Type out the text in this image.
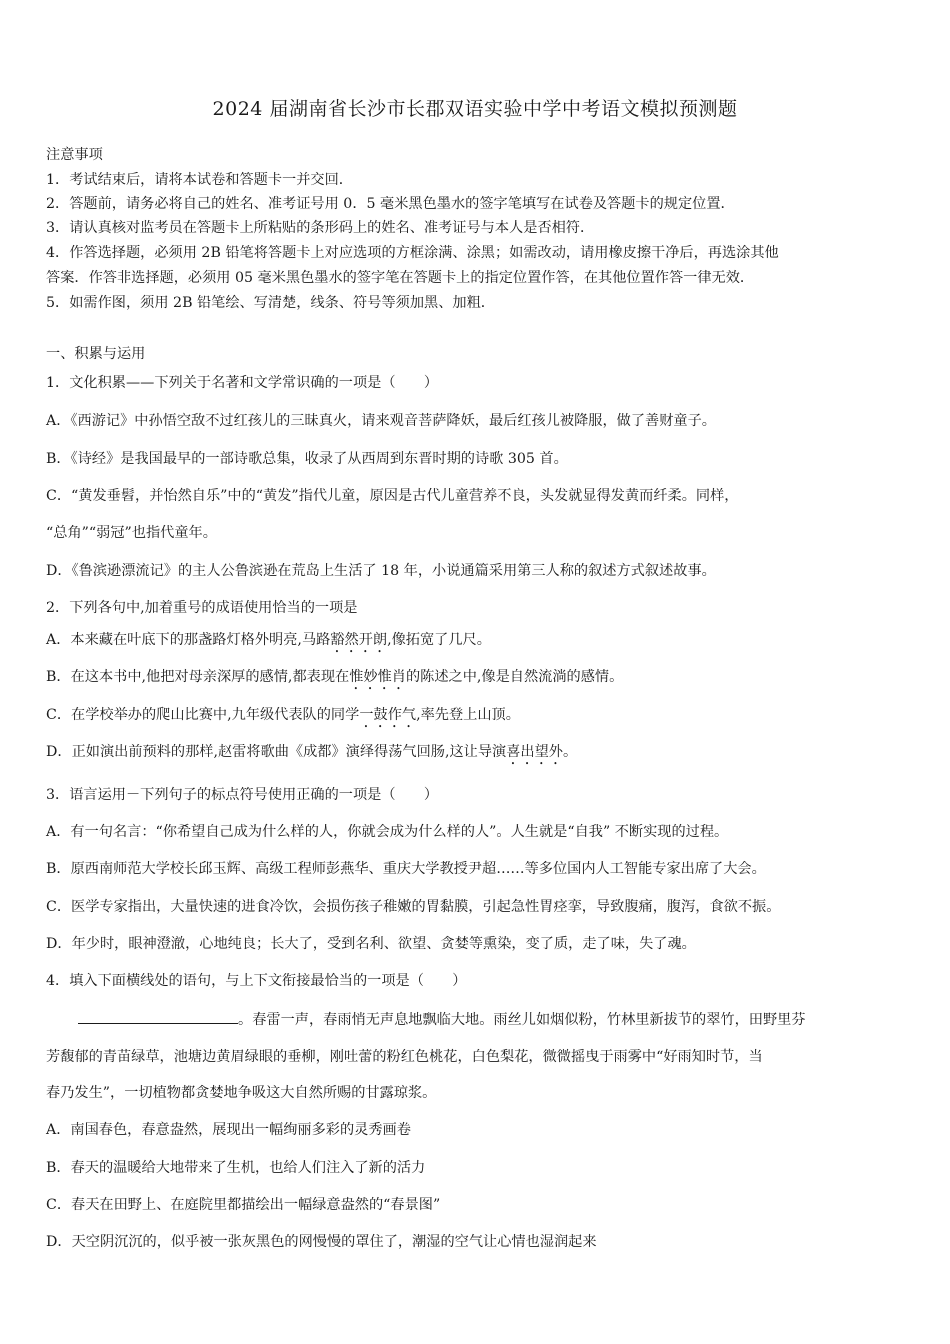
2024 届湖南省长沙市长郡双语实验中学中考语文模拟预测题
注意事项
1．考试结束后，请将本试卷和答题卡一并交回．
2．答题前，请务必将自己的姓名、准考证号用 0．5 毫米黑色墨水的签字笔填写在试卷及答题卡的规定位置．
3．请认真核对监考员在答题卡上所粘贴的条形码上的姓名、准考证号与本人是否相符．
4．作答选择题，必须用 2B 铅笔将答题卡上对应选项的方框涂满、涂黑；如需改动，请用橡皮擦干净后，再选涂其他
答案．作答非选择题，必须用 05 毫米黑色墨水的签字笔在答题卡上的指定位置作答，在其他位置作答一律无效．
5．如需作图，须用 2B 铅笔绘、写清楚，线条、符号等须加黑、加粗．
一、积累与运用
1．文化积累——下列关于名著和文学常识确的一项是（　　）
A．《西游记》中孙悟空敌不过红孩儿的三昧真火，请来观音菩萨降妖，最后红孩儿被降服，做了善财童子。
B．《诗经》是我国最早的一部诗歌总集，收录了从西周到东晋时期的诗歌 305 首。
C．“黄发垂髫，并怡然自乐”中的“黄发”指代儿童，原因是古代儿童营养不良，头发就显得发黄而纤柔。同样，
“总角”“弱冠”也指代童年。
D．《鲁滨逊漂流记》的主人公鲁滨逊在荒岛上生活了 18 年，小说通篇采用第三人称的叙述方式叙述故事。
2．下列各句中,加着重号的成语使用恰当的一项是
A．本来藏在叶底下的那盏路灯格外明亮,马路豁然开朗,像拓宽了几尺。
B．在这本书中,他把对母亲深厚的感情,都表现在惟妙惟肖的陈述之中,像是自然流淌的感情。
C．在学校举办的爬山比赛中,九年级代表队的同学一鼓作气,率先登上山顶。
D．正如演出前预料的那样,赵雷将歌曲《成都》演绎得荡气回肠,这让导演喜出望外。
3．语言运用－下列句子的标点符号使用正确的一项是（　　）
A．有一句名言：“你希望自己成为什么样的人，你就会成为什么样的人”。人生就是“自我” 不断实现的过程。
B．原西南师范大学校长邱玉辉、高级工程师彭燕华、重庆大学教授尹超……等多位国内人工智能专家出席了大会。
C．医学专家指出，大量快速的进食冷饮，会损伤孩子稚嫩的胃黏膜，引起急性胃痉挛，导致腹痛，腹泻，食欲不振。
D．年少时，眼神澄澈，心地纯良；长大了，受到名利、欲望、贪婪等熏染，变了质，走了味，失了魂。
4．填入下面横线处的语句，与上下文衔接最恰当的一项是（　　）
。春雷一声，春雨悄无声息地飘临大地。雨丝儿如烟似粉，竹林里新拔节的翠竹，田野里芬
芳馥郁的青苗绿草，池塘边黄眉绿眼的垂柳，刚吐蕾的粉红色桃花，白色梨花，微微摇曳于雨雾中“好雨知时节，当
春乃发生”，一切植物都贪婪地争吸这大自然所赐的甘露琼浆。
A．南国春色，春意盎然，展现出一幅绚丽多彩的灵秀画卷
B．春天的温暖给大地带来了生机，也给人们注入了新的活力
C．春天在田野上、在庭院里都描绘出一幅绿意盎然的“春景图”
D．天空阴沉沉的，似乎被一张灰黑色的网慢慢的罩住了，潮湿的空气让心情也湿润起来
